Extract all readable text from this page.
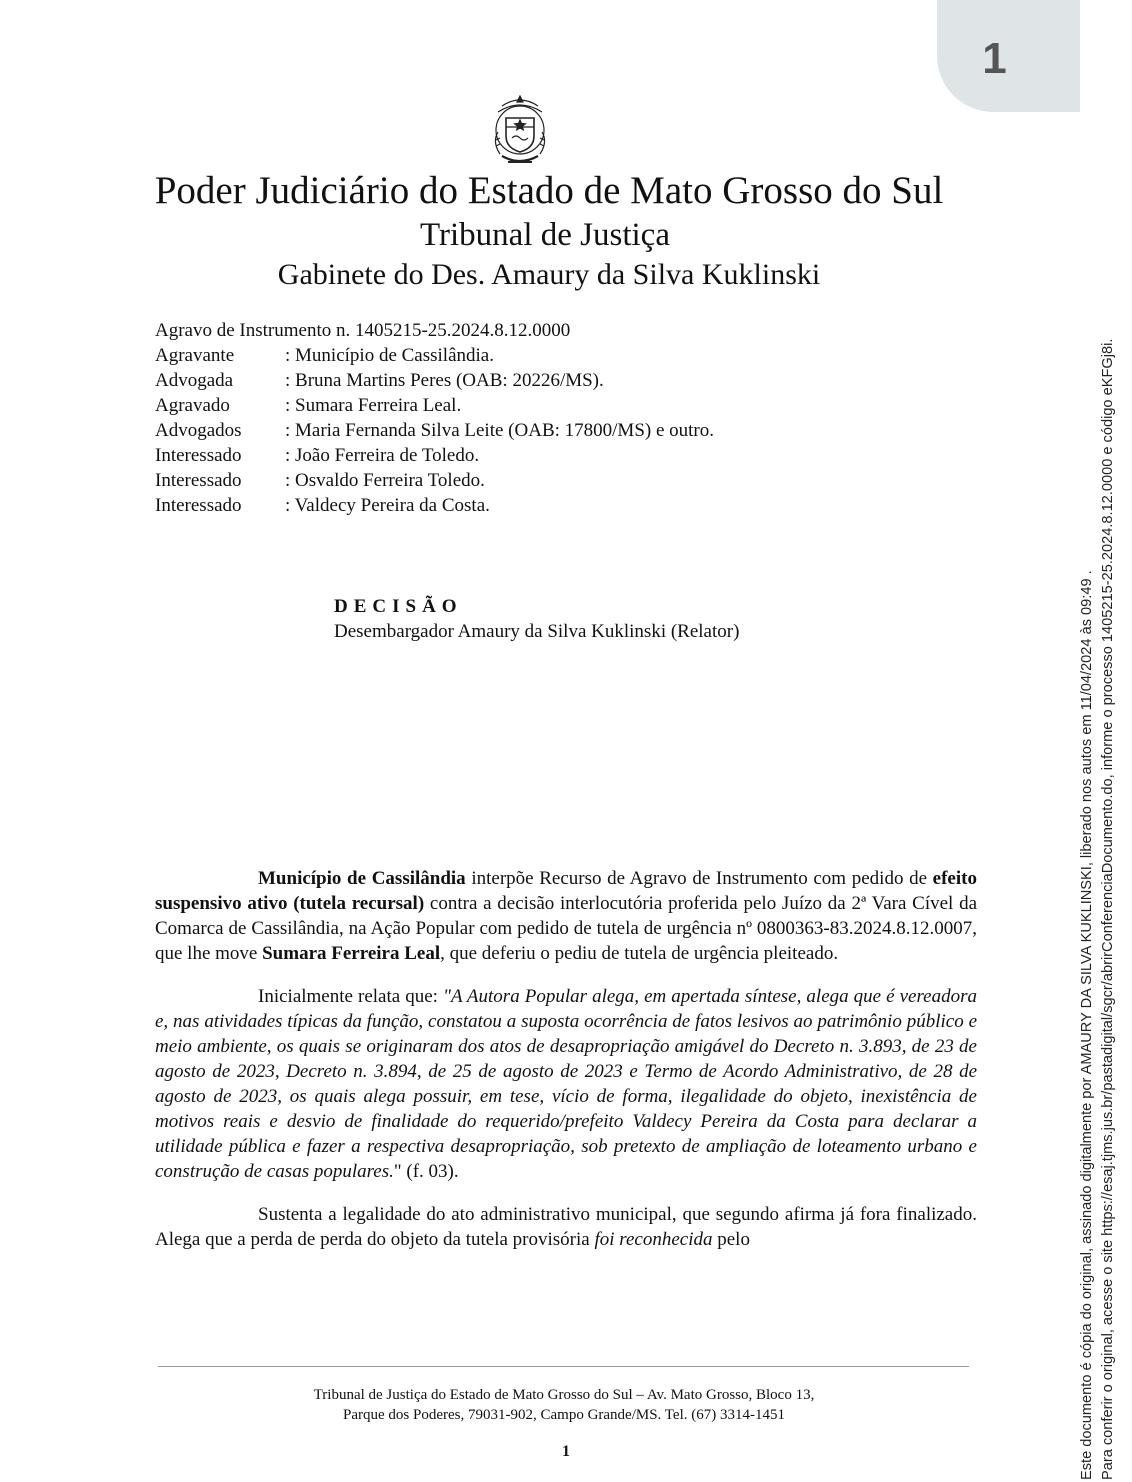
1
Poder Judiciário do Estado de Mato Grosso do Sul
Tribunal de Justiça
Gabinete do Des. Amaury da Silva Kuklinski
Agravo de Instrumento n. 1405215-25.2024.8.12.0000
Agravante	: Município de Cassilândia.
Advogada	: Bruna Martins Peres (OAB: 20226/MS).
Agravado	: Sumara Ferreira Leal.
Advogados	: Maria Fernanda Silva Leite (OAB: 17800/MS) e outro.
Interessado	: João Ferreira de Toledo.
Interessado	: Osvaldo Ferreira Toledo.
Interessado	: Valdecy Pereira da Costa.
DECISÃO
Desembargador Amaury da Silva Kuklinski (Relator)

Município de Cassilândia interpõe Recurso de Agravo de Instrumento com pedido de efeito suspensivo ativo (tutela recursal) contra a decisão interlocutória proferida pelo Juízo da 2ª Vara Cível da Comarca de Cassilândia, na Ação Popular com pedido de tutela de urgência nº 0800363-83.2024.8.12.0007, que lhe move Sumara Ferreira Leal, que deferiu o pediu de tutela de urgência pleiteado.

Inicialmente relata que: "A Autora Popular alega, em apertada síntese, alega que é vereadora e, nas atividades típicas da função, constatou a suposta ocorrência de fatos lesivos ao patrimônio público e meio ambiente, os quais se originaram dos atos de desapropriação amigável do Decreto n. 3.893, de 23 de agosto de 2023, Decreto n. 3.894, de 25 de agosto de 2023 e Termo de Acordo Administrativo, de 28 de agosto de 2023, os quais alega possuir, em tese, vício de forma, ilegalidade do objeto, inexistência de motivos reais e desvio de finalidade do requerido/prefeito Valdecy Pereira da Costa para declarar a utilidade pública e fazer a respectiva desapropriação, sob pretexto de ampliação de loteamento urbano e construção de casas populares." (f. 03).

Sustenta a legalidade do ato administrativo municipal, que segundo afirma já fora finalizado. Alega que a perda de perda do objeto da tutela provisória foi reconhecida pelo

Tribunal de Justiça do Estado de Mato Grosso do Sul – Av. Mato Grosso, Bloco 13,
Parque dos Poderes, 79031-902, Campo Grande/MS. Tel. (67) 3314-1451
1	Este documento é cópia do original, assinado digitalmente por AMAURY DA SILVA KUKLINSKI, liberado nos autos em 11/04/2024 às 09:49 . Para conferir o original, acesse o site https://esaj.tjms.jus.br/pastadigital/sgcr/abrirConferenciaDocumento.do, informe o processo 1405215-25.2024.8.12.0000 e código eKFGj8i.
